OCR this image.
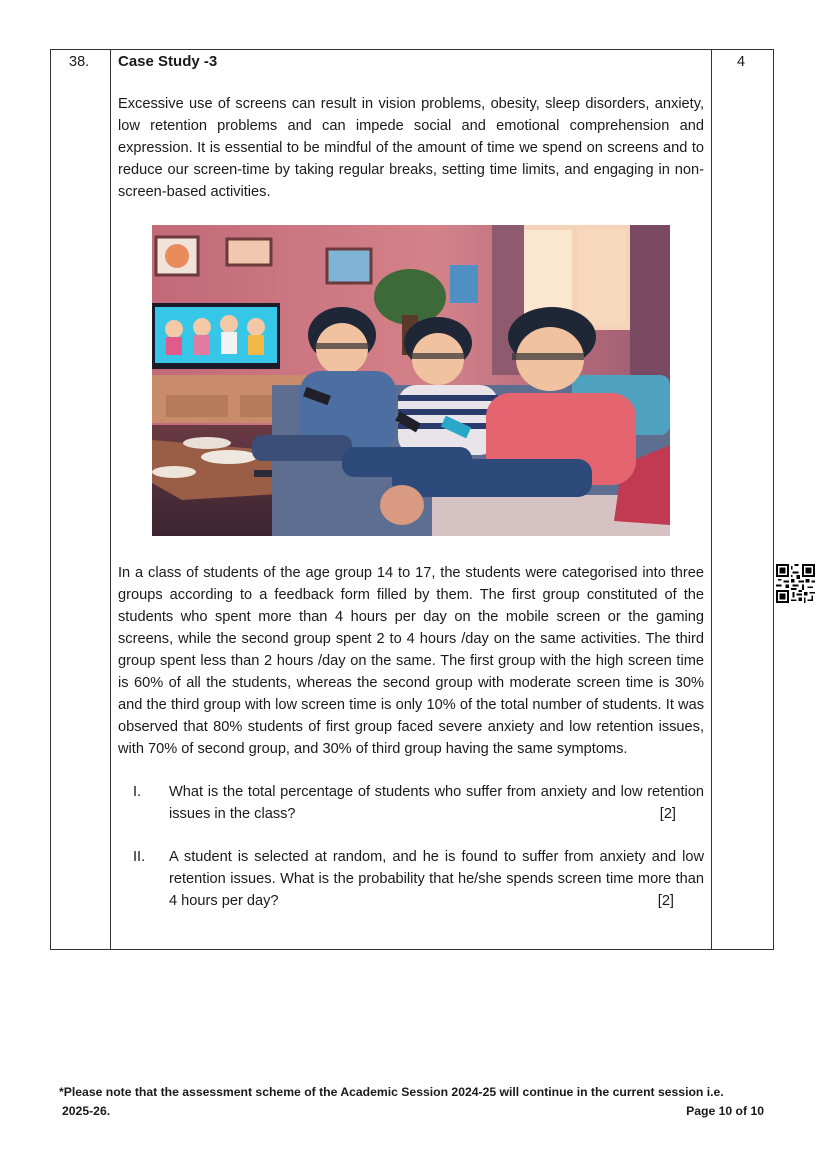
38.	4

Case Study -3

Excessive use of screens can result in vision problems, obesity, sleep disorders, anxiety, low retention problems and can impede social and emotional comprehension and expression. It is essential to be mindful of the amount of time we spend on screens and to reduce our screen-time by taking regular breaks, setting time limits, and engaging in non-screen-based activities.

In a class of students of the age group 14 to 17, the students were categorised into three groups according to a feedback form filled by them. The first group constituted of the students who spent more than 4 hours per day on the mobile screen or the gaming screens, while the second group spent 2 to 4 hours /day on the same activities. The third group spent less than 2 hours /day on the same. The first group with the high screen time is 60% of all the students, whereas the second group with moderate screen time is 30% and the third group with low screen time is only 10% of the total number of students. It was observed that 80% students of first group faced severe anxiety and low retention issues, with 70% of second group, and 30% of third group having the same symptoms.

I. What is the total percentage of students who suffer from anxiety and low retention issues in the class?	[2]
II. A student is selected at random, and he is found to suffer from anxiety and low retention issues. What is the probability that he/she spends screen time more than 4 hours per day?	[2]
*Please note that the assessment scheme of the Academic Session 2024-25 will continue in the current session i.e.
2025-26.	Page 10 of 10
